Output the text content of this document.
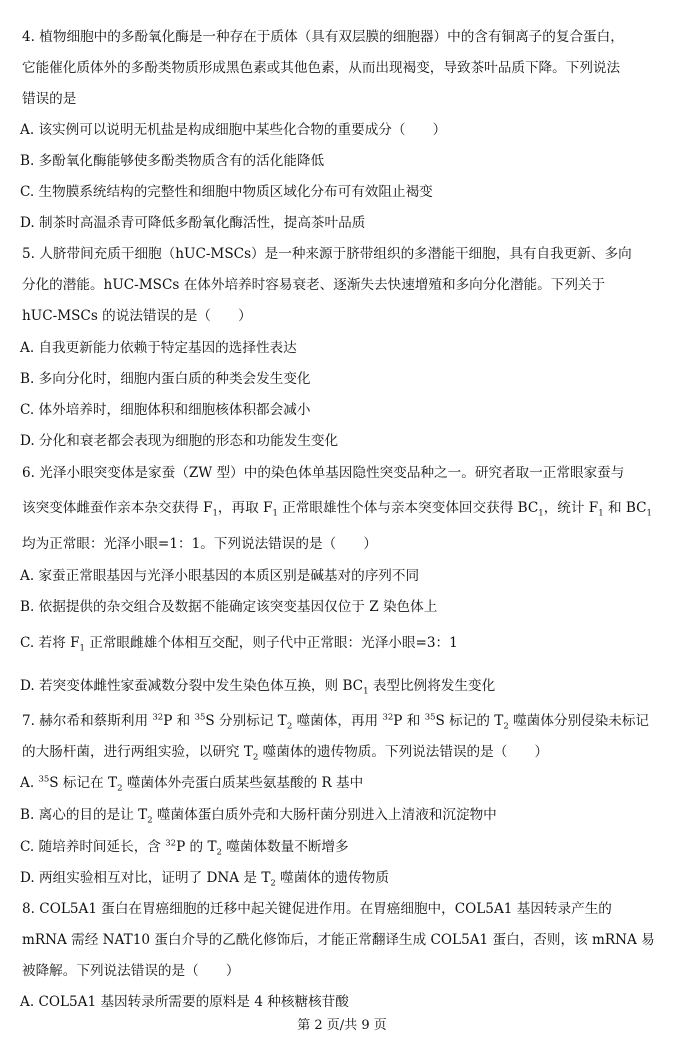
4. 植物细胞中的多酚氧化酶是一种存在于质体（具有双层膜的细胞器）中的含有铜离子的复合蛋白，
它能催化质体外的多酚类物质形成黑色素或其他色素，从而出现褐变，导致茶叶品质下降。下列说法
错误的是
A. 该实例可以说明无机盐是构成细胞中某些化合物的重要成分（　　）
B. 多酚氧化酶能够使多酚类物质含有的活化能降低
C. 生物膜系统结构的完整性和细胞中物质区域化分布可有效阻止褐变
D. 制茶时高温杀青可降低多酚氧化酶活性，提高茶叶品质
5. 人脐带间充质干细胞（hUC-MSCs）是一种来源于脐带组织的多潜能干细胞，具有自我更新、多向
分化的潜能。hUC-MSCs 在体外培养时容易衰老、逐渐失去快速增殖和多向分化潜能。下列关于
hUC-MSCs 的说法错误的是（　　）
A. 自我更新能力依赖于特定基因的选择性表达
B. 多向分化时，细胞内蛋白质的种类会发生变化
C. 体外培养时，细胞体积和细胞核体积都会减小
D. 分化和衰老都会表现为细胞的形态和功能发生变化
6. 光泽小眼突变体是家蚕（ZW 型）中的染色体单基因隐性突变品种之一。研究者取一正常眼家蚕与
该突变体雌蚕作亲本杂交获得 $F_1$，再取 $F_1$ 正常眼雄性个体与亲本突变体回交获得 $BC_1$，统计 $F_1$ 和 $BC_1$
均为正常眼：光泽小眼=1：1。下列说法错误的是（　　）
A. 家蚕正常眼基因与光泽小眼基因的本质区别是碱基对的序列不同
B. 依据提供的杂交组合及数据不能确定该突变基因仅位于 Z 染色体上
C. 若将 $F_1$ 正常眼雌雄个体相互交配，则子代中正常眼：光泽小眼=3：1
D. 若突变体雌性家蚕减数分裂中发生染色体互换，则 $BC_1$ 表型比例将发生变化
7. 赫尔希和蔡斯利用 $^{32}$P 和 $^{35}$S 分别标记 $T_2$ 噬菌体，再用 $^{32}$P 和 $^{35}$S 标记的 $T_2$ 噬菌体分别侵染未标记
的大肠杆菌，进行两组实验，以研究 $T_2$ 噬菌体的遗传物质。下列说法错误的是（　　）
A. $^{35}$S 标记在 $T_2$ 噬菌体外壳蛋白质某些氨基酸的 R 基中
B. 离心的目的是让 $T_2$ 噬菌体蛋白质外壳和大肠杆菌分别进入上清液和沉淀物中
C. 随培养时间延长，含 $^{32}$P 的 $T_2$ 噬菌体数量不断增多
D. 两组实验相互对比，证明了 DNA 是 $T_2$ 噬菌体的遗传物质
8. COL5A1 蛋白在胃癌细胞的迁移中起关键促进作用。在胃癌细胞中，COL5A1 基因转录产生的
mRNA 需经 NAT10 蛋白介导的乙酰化修饰后，才能正常翻译生成 COL5A1 蛋白，否则，该 mRNA 易
被降解。下列说法错误的是（　　）
A. COL5A1 基因转录所需要的原料是 4 种核糖核苷酸
第 2 页/共 9 页
